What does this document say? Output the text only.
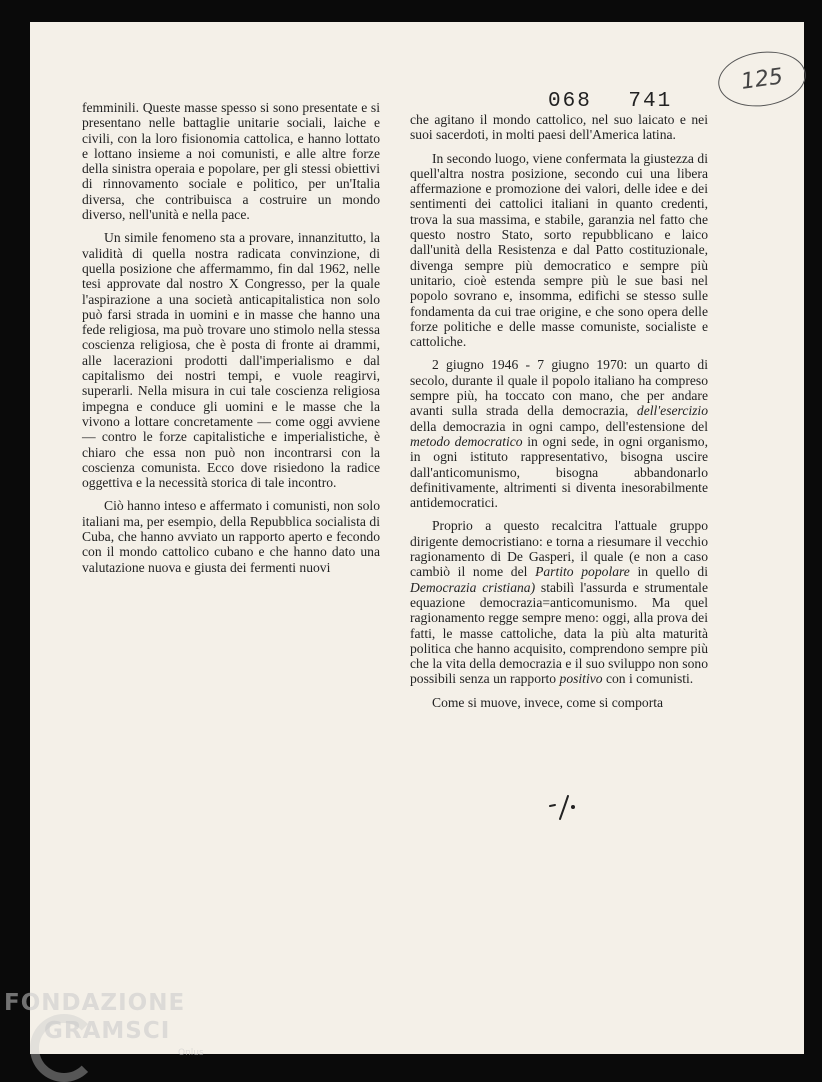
125
068 741

femminili. Queste masse spesso si sono presentate e si presentano nelle battaglie unitarie sociali, laiche e civili, con la loro fisionomia cattolica, e hanno lottato e lottano insieme a noi comunisti, e alle altre forze della sinistra operaia e popolare, per gli stessi obiettivi di rinnovamento sociale e politico, per un'Italia diversa, che contribuisca a costruire un mondo diverso, nell'unità e nella pace.

Un simile fenomeno sta a provare, innanzitutto, la validità di quella nostra radicata convinzione, di quella posizione che affermammo, fin dal 1962, nelle tesi approvate dal nostro X Congresso, per la quale l'aspirazione a una società anticapitalistica non solo può farsi strada in uomini e in masse che hanno una fede religiosa, ma può trovare uno stimolo nella stessa coscienza religiosa, che è posta di fronte ai drammi, alle lacerazioni prodotti dall'imperialismo e dal capitalismo dei nostri tempi, e vuole reagirvi, superarli. Nella misura in cui tale coscienza religiosa impegna e conduce gli uomini e le masse che la vivono a lottare concretamente — come oggi avviene — contro le forze capitalistiche e imperialistiche, è chiaro che essa non può non incontrarsi con la coscienza comunista. Ecco dove risiedono la radice oggettiva e la necessità storica di tale incontro.

Ciò hanno inteso e affermato i comunisti, non solo italiani ma, per esempio, della Repubblica socialista di Cuba, che hanno avviato un rapporto aperto e fecondo con il mondo cattolico cubano e che hanno dato una valutazione nuova e giusta dei fermenti nuovi

che agitano il mondo cattolico, nel suo laicato e nei suoi sacerdoti, in molti paesi dell'America latina.

In secondo luogo, viene confermata la giustezza di quell'altra nostra posizione, secondo cui una libera affermazione e promozione dei valori, delle idee e dei sentimenti dei cattolici italiani in quanto credenti, trova la sua massima, e stabile, garanzia nel fatto che questo nostro Stato, sorto repubblicano e laico dall'unità della Resistenza e dal Patto costituzionale, divenga sempre più democratico e sempre più unitario, cioè estenda sempre più le sue basi nel popolo sovrano e, insomma, edifichi se stesso sulle fondamenta da cui trae origine, e che sono opera delle forze politiche e delle masse comuniste, socialiste e cattoliche.

2 giugno 1946 - 7 giugno 1970: un quarto di secolo, durante il quale il popolo italiano ha compreso sempre più, ha toccato con mano, che per andare avanti sulla strada della democrazia, dell'esercizio della democrazia in ogni campo, dell'estensione del metodo democratico in ogni sede, in ogni organismo, in ogni istituto rappresentativo, bisogna uscire dall'anticomunismo, bisogna abbandonarlo definitivamente, altrimenti si diventa inesorabilmente antidemocratici.

Proprio a questo recalcitra l'attuale gruppo dirigente democristiano: e torna a riesumare il vecchio ragionamento di De Gasperi, il quale (e non a caso cambiò il nome del Partito popolare in quello di Democrazia cristiana) stabilì l'assurda e strumentale equazione democrazia=anticomunismo. Ma quel ragionamento regge sempre meno: oggi, alla prova dei fatti, le masse cattoliche, data la più alta maturità politica che hanno acquisito, comprendono sempre più che la vita della democrazia e il suo sviluppo non sono possibili senza un rapporto positivo con i comunisti.

Come si muove, invece, come si comporta

FONDAZIONE
GRAMSCI
Onlus
